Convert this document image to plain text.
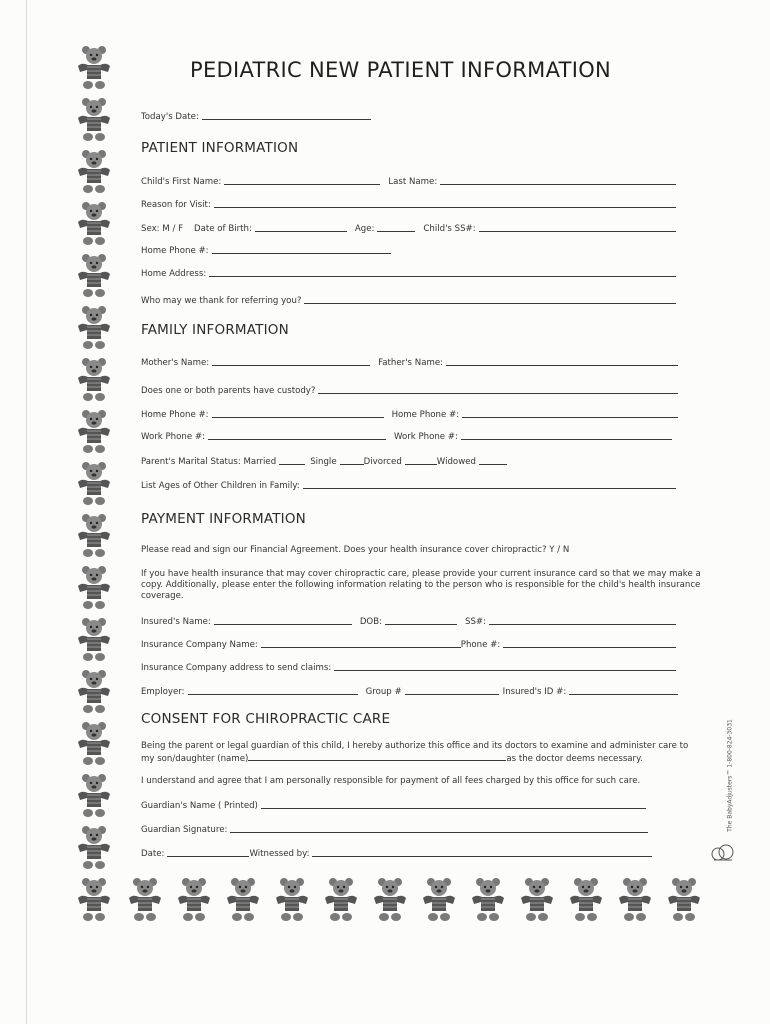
PEDIATRIC NEW PATIENT INFORMATION
Today's Date:
PATIENT INFORMATION
Child's First Name:	Last Name:
Reason for Visit:
Sex: M / F	Date of Birth:	Age:	Child's SS#:
Home Phone #:
Home Address:
Who may we thank for referring you?
FAMILY INFORMATION
Mother's Name:	Father's Name:
Does one or both parents have custody?
Home Phone #:	Home Phone #:
Work Phone #:	Work Phone #:
Parent's Marital Status: Married	Single	Divorced	Widowed
List Ages of Other Children in Family:
PAYMENT INFORMATION
Please read and sign our Financial Agreement. Does your health insurance cover chiropractic? Y / N
If you have health insurance that may cover chiropractic care, please provide your current insurance card so that we may make a copy. Additionally, please enter the following information relating to the person who is responsible for the child's health insurance coverage.
Insured's Name:	DOB:	SS#:
Insurance Company Name:	Phone #:
Insurance Company address to send claims:
Employer:	Group #	Insured's ID #:
CONSENT FOR CHIROPRACTIC CARE
Being the parent or legal guardian of this child, I hereby authorize this office and its doctors to examine and administer care to my son/daughter (name)	as the doctor deems necessary.
I understand and agree that I am personally responsible for payment of all fees charged by this office for such care.
Guardian's Name ( Printed)
Guardian Signature:
Date:	Witnessed by:
The BabyAdjusters™ 1-800-824-3031
